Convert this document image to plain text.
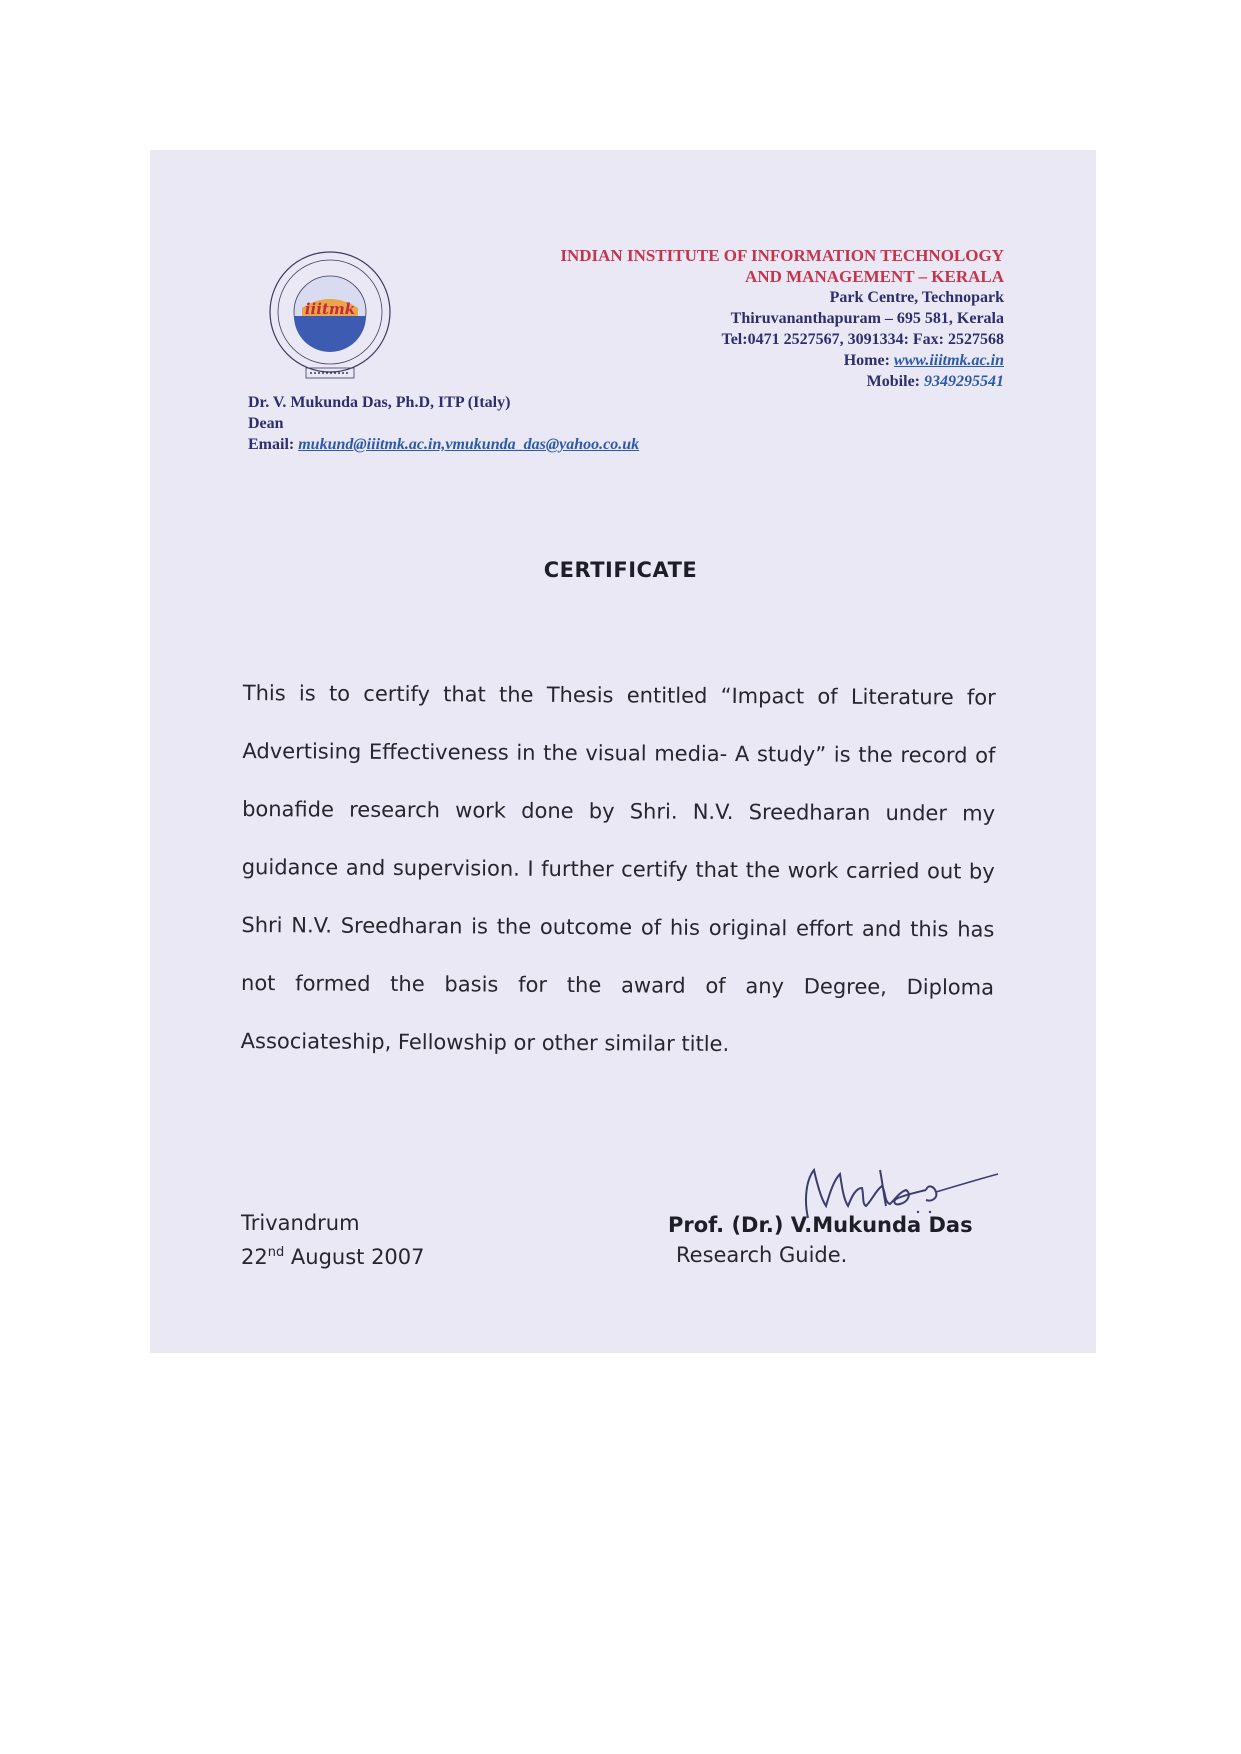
iiitmk
INDIAN INSTITUTE OF INFORMATION TECHNOLOGY
AND MANAGEMENT – KERALA
Park Centre, Technopark
Thiruvananthapuram – 695 581, Kerala
Tel:0471 2527567, 3091334: Fax: 2527568
Home: www.iiitmk.ac.in
Mobile: 9349295541
Dr. V. Mukunda Das, Ph.D, ITP (Italy)
Dean
Email: mukund@iiitmk.ac.in,vmukunda_das@yahoo.co.uk
CERTIFICATE
This is to certify that the Thesis entitled “Impact of Literature for Advertising Effectiveness in the visual media- A study” is the record of bonafide research work done by Shri. N.V. Sreedharan under my guidance and supervision. I further certify that the work carried out by Shri N.V. Sreedharan is the outcome of his original effort and this has not formed the basis for the award of any Degree, Diploma Associateship, Fellowship or other similar title.
Trivandrum
22nd August 2007
Prof. (Dr.) V.Mukunda Das
Research Guide.
